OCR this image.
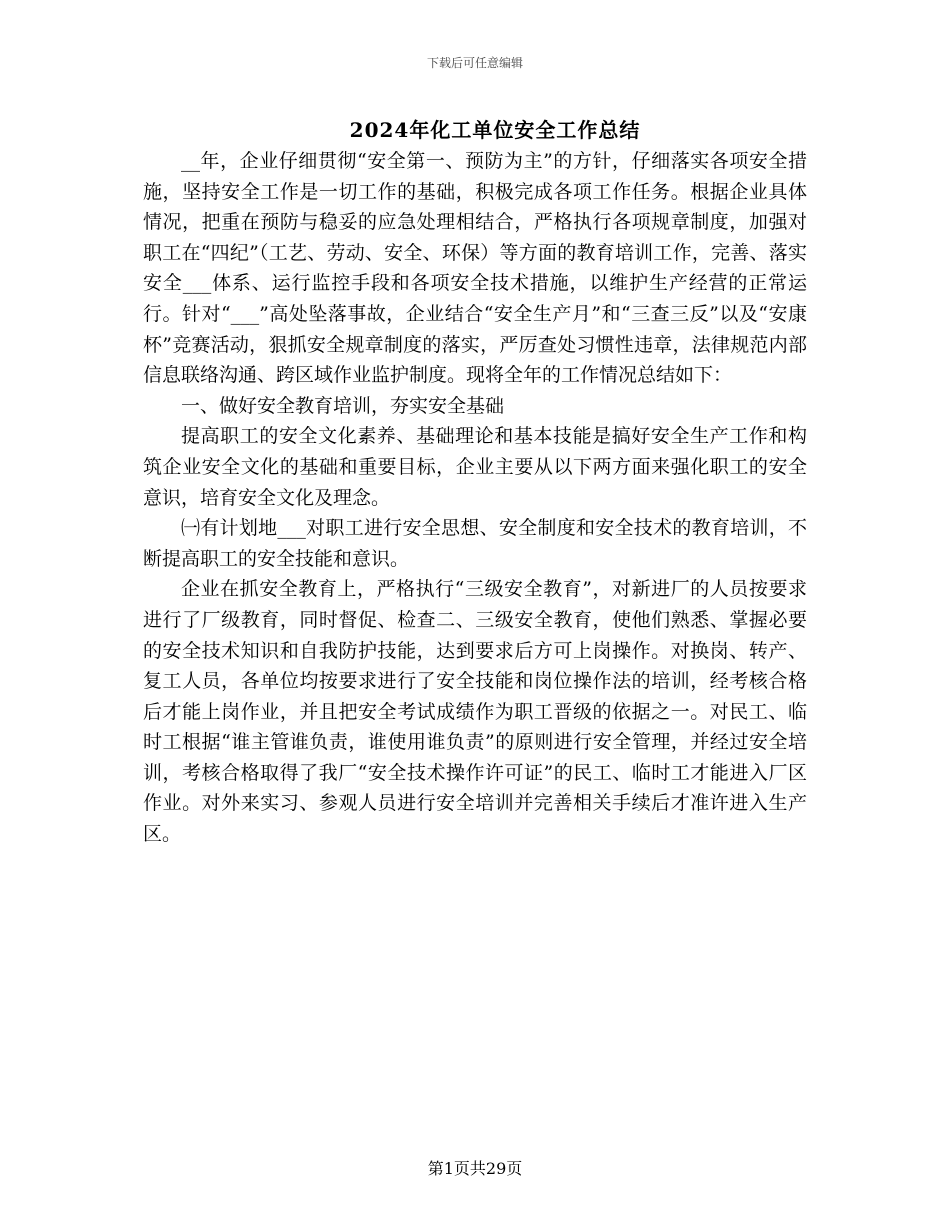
下载后可任意编辑
2024年化工单位安全工作总结

__年，企业仔细贯彻“安全第一、预防为主”的方针，仔细落实各项安全措施，坚持安全工作是一切工作的基础，积极完成各项工作任务。根据企业具体情况，把重在预防与稳妥的应急处理相结合，严格执行各项规章制度，加强对职工在“四纪”（工艺、劳动、安全、环保）等方面的教育培训工作，完善、落实安全___体系、运行监控手段和各项安全技术措施，以维护生产经营的正常运行。针对“___”高处坠落事故，企业结合“安全生产月”和“三查三反”以及“安康杯”竞赛活动，狠抓安全规章制度的落实，严厉查处习惯性违章，法律规范内部信息联络沟通、跨区域作业监护制度。现将全年的工作情况总结如下：

一、做好安全教育培训，夯实安全基础

提高职工的安全文化素养、基础理论和基本技能是搞好安全生产工作和构筑企业安全文化的基础和重要目标，企业主要从以下两方面来强化职工的安全意识，培育安全文化及理念。

㈠有计划地___对职工进行安全思想、安全制度和安全技术的教育培训，不断提高职工的安全技能和意识。

企业在抓安全教育上，严格执行“三级安全教育”，对新进厂的人员按要求进行了厂级教育，同时督促、检查二、三级安全教育，使他们熟悉、掌握必要的安全技术知识和自我防护技能，达到要求后方可上岗操作。对换岗、转产、复工人员，各单位均按要求进行了安全技能和岗位操作法的培训，经考核合格后才能上岗作业，并且把安全考试成绩作为职工晋级的依据之一。对民工、临时工根据“谁主管谁负责，谁使用谁负责”的原则进行安全管理，并经过安全培训，考核合格取得了我厂“安全技术操作许可证”的民工、临时工才能进入厂区作业。对外来实习、参观人员进行安全培训并完善相关手续后才准许进入生产区。

第1页共29页
